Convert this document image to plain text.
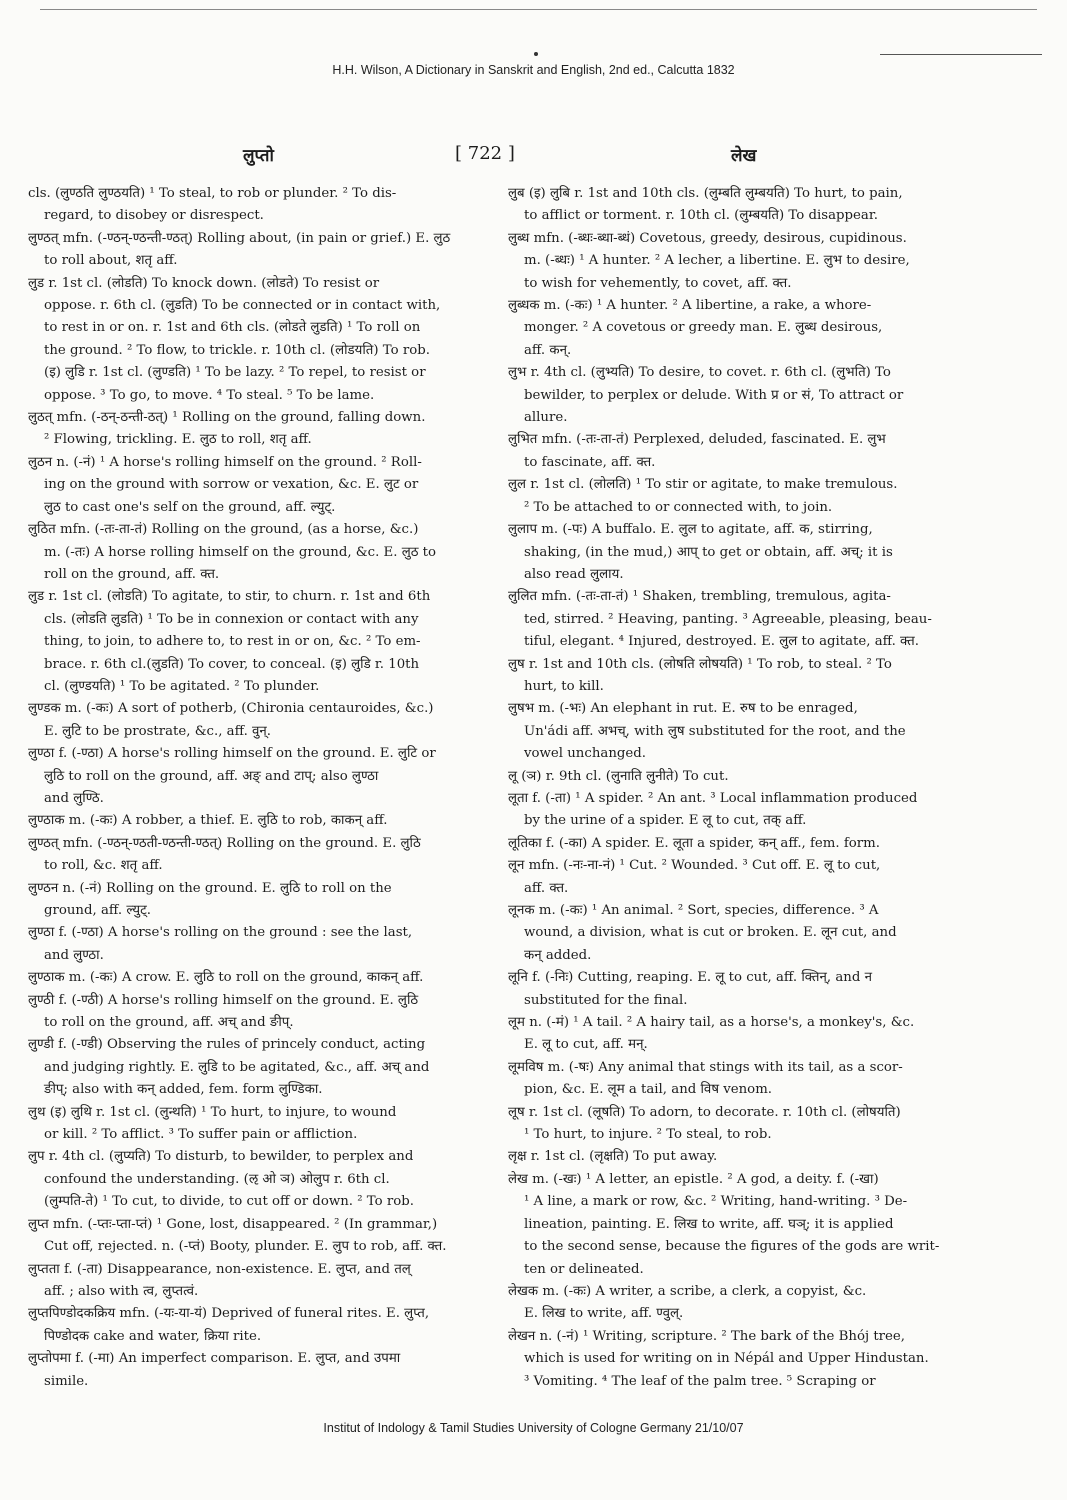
H.H. Wilson, A Dictionary in Sanskrit and English, 2nd ed., Calcutta 1832
लुप्तो	[ 722 ]	लेख
cls. (लुण्ठति लुण्ठयति) ¹ To steal, to rob or plunder. ² To dis-
regard, to disobey or disrespect.
लुण्ठत् mfn. (-ण्ठन्-ण्ठन्ती-ण्ठत्) Rolling about, (in pain or grief.) E. लुठ
to roll about, शतृ aff.
लुड r. 1st cl. (लोडति) To knock down. (लोडते) To resist or
oppose. r. 6th cl. (लुडति) To be connected or in contact with,
to rest in or on. r. 1st and 6th cls. (लोडते लुडति) ¹ To roll on
the ground. ² To flow, to trickle. r. 10th cl. (लोडयति) To rob.
(इ) लुडि r. 1st cl. (लुण्डति) ¹ To be lazy. ² To repel, to resist or
oppose. ³ To go, to move. ⁴ To steal. ⁵ To be lame.
लुठत् mfn. (-ठन्-ठन्ती-ठत्) ¹ Rolling on the ground, falling down.
² Flowing, trickling. E. लुठ to roll, शतृ aff.
लुठन n. (-नं) ¹ A horse's rolling himself on the ground. ² Roll-
ing on the ground with sorrow or vexation, &c. E. लुट or
लुठ to cast one's self on the ground, aff. ल्युट्.
लुठित mfn. (-तः-ता-तं) Rolling on the ground, (as a horse, &c.)
m. (-तः) A horse rolling himself on the ground, &c. E. लुठ to
roll on the ground, aff. क्त.
लुड r. 1st cl. (लोडति) To agitate, to stir, to churn. r. 1st and 6th
cls. (लोडति लुडति) ¹ To be in connexion or contact with any
thing, to join, to adhere to, to rest in or on, &c. ² To em-
brace. r. 6th cl.(लुडति) To cover, to conceal. (इ) लुडि r. 10th
cl. (लुण्डयति) ¹ To be agitated. ² To plunder.
लुण्डक m. (-कः) A sort of potherb, (Chironia centauroides, &c.)
E. लुटि to be prostrate, &c., aff. वुन्.
लुण्ठा f. (-ण्ठा) A horse's rolling himself on the ground. E. लुटि or
लुठि to roll on the ground, aff. अङ् and टाप्; also लुण्ठा
and लुण्ठि.
लुण्ठाक m. (-कः) A robber, a thief. E. लुठि to rob, काकन् aff.
लुण्ठत् mfn. (-ण्ठन्-ण्ठती-ण्ठन्ती-ण्ठत्) Rolling on the ground. E. लुठि
to roll, &c. शतृ aff.
लुण्ठन n. (-नं) Rolling on the ground. E. लुठि to roll on the
ground, aff. ल्युट्.
लुण्ठा f. (-ण्ठा) A horse's rolling on the ground : see the last,
and लुण्ठा.
लुण्ठाक m. (-कः) A crow. E. लुठि to roll on the ground, काकन् aff.
लुण्ठी f. (-ण्ठी) A horse's rolling himself on the ground. E. लुठि
to roll on the ground, aff. अच् and ङीप्.
लुण्डी f. (-ण्डी) Observing the rules of princely conduct, acting
and judging rightly. E. लुडि to be agitated, &c., aff. अच् and
ङीप्; also with कन् added, fem. form लुण्डिका.
लुथ (इ) लुथि r. 1st cl. (लुन्थति) ¹ To hurt, to injure, to wound
or kill. ² To afflict. ³ To suffer pain or affliction.
लुप r. 4th cl. (लुप्यति) To disturb, to bewilder, to perplex and
confound the understanding. (ऌ ओ ञ) ओलुप r. 6th cl.
(लुम्पति-ते) ¹ To cut, to divide, to cut off or down. ² To rob.
लुप्त mfn. (-प्तः-प्ता-प्तं) ¹ Gone, lost, disappeared. ² (In grammar,)
Cut off, rejected. n. (-प्तं) Booty, plunder. E. लुप to rob, aff. क्त.
लुप्तता f. (-ता) Disappearance, non-existence. E. लुप्त, and तल्
aff. ; also with त्व, लुप्तत्वं.
लुप्तपिण्डोदकक्रिय mfn. (-यः-या-यं) Deprived of funeral rites. E. लुप्त,
पिण्डोदक cake and water, क्रिया rite.
लुप्तोपमा f. (-मा) An imperfect comparison. E. लुप्त, and उपमा
simile.
लुब (इ) लुबि r. 1st and 10th cls. (लुम्बति लुम्बयति) To hurt, to pain,
to afflict or torment. r. 10th cl. (लुम्बयति) To disappear.
लुब्ध mfn. (-ब्धः-ब्धा-ब्धं) Covetous, greedy, desirous, cupidinous.
m. (-ब्धः) ¹ A hunter. ² A lecher, a libertine. E. लुभ to desire,
to wish for vehemently, to covet, aff. क्त.
लुब्धक m. (-कः) ¹ A hunter. ² A libertine, a rake, a whore-
monger. ² A covetous or greedy man. E. लुब्ध desirous,
aff. कन्.
लुभ r. 4th cl. (लुभ्यति) To desire, to covet. r. 6th cl. (लुभति) To
bewilder, to perplex or delude. With प्र or सं, To attract or
allure.
लुभित mfn. (-तः-ता-तं) Perplexed, deluded, fascinated. E. लुभ
to fascinate, aff. क्त.
लुल r. 1st cl. (लोलति) ¹ To stir or agitate, to make tremulous.
² To be attached to or connected with, to join.
लुलाप m. (-पः) A buffalo. E. लुल to agitate, aff. क, stirring,
shaking, (in the mud,) आप् to get or obtain, aff. अच्; it is
also read लुलाय.
लुलित mfn. (-तः-ता-तं) ¹ Shaken, trembling, tremulous, agita-
ted, stirred. ² Heaving, panting. ³ Agreeable, pleasing, beau-
tiful, elegant. ⁴ Injured, destroyed. E. लुल to agitate, aff. क्त.
लुष r. 1st and 10th cls. (लोषति लोषयति) ¹ To rob, to steal. ² To
hurt, to kill.
लुषभ m. (-भः) An elephant in rut. E. रुष to be enraged,
Un'ádi aff. अभच्, with लुष substituted for the root, and the
vowel unchanged.
लू (ञ) r. 9th cl. (लुनाति लुनीते) To cut.
लूता f. (-ता) ¹ A spider. ² An ant. ³ Local inflammation produced
by the urine of a spider. E लू to cut, तक् aff.
लूतिका f. (-का) A spider. E. लूता a spider, कन् aff., fem. form.
लून mfn. (-नः-ना-नं) ¹ Cut. ² Wounded. ³ Cut off. E. लू to cut,
aff. क्त.
लूनक m. (-कः) ¹ An animal. ² Sort, species, difference. ³ A
wound, a division, what is cut or broken. E. लून cut, and
कन् added.
लूनि f. (-निः) Cutting, reaping. E. लू to cut, aff. क्तिन्, and न
substituted for the final.
लूम n. (-मं) ¹ A tail. ² A hairy tail, as a horse's, a monkey's, &c.
E. लू to cut, aff. मन्.
लूमविष m. (-षः) Any animal that stings with its tail, as a scor-
pion, &c. E. लूम a tail, and विष venom.
लूष r. 1st cl. (लूषति) To adorn, to decorate. r. 10th cl. (लोषयति)
¹ To hurt, to injure. ² To steal, to rob.
लृक्ष r. 1st cl. (लृक्षति) To put away.
लेख m. (-खः) ¹ A letter, an epistle. ² A god, a deity. f. (-खा)
¹ A line, a mark or row, &c. ² Writing, hand-writing. ³ De-
lineation, painting. E. लिख to write, aff. घञ्; it is applied
to the second sense, because the figures of the gods are writ-
ten or delineated.
लेखक m. (-कः) A writer, a scribe, a clerk, a copyist, &c.
E. लिख to write, aff. ण्वुल्.
लेखन n. (-नं) ¹ Writing, scripture. ² The bark of the Bhój tree,
which is used for writing on in Népál and Upper Hindustan.
³ Vomiting. ⁴ The leaf of the palm tree. ⁵ Scraping or
Institut of Indology & Tamil Studies University of Cologne Germany 21/10/07
